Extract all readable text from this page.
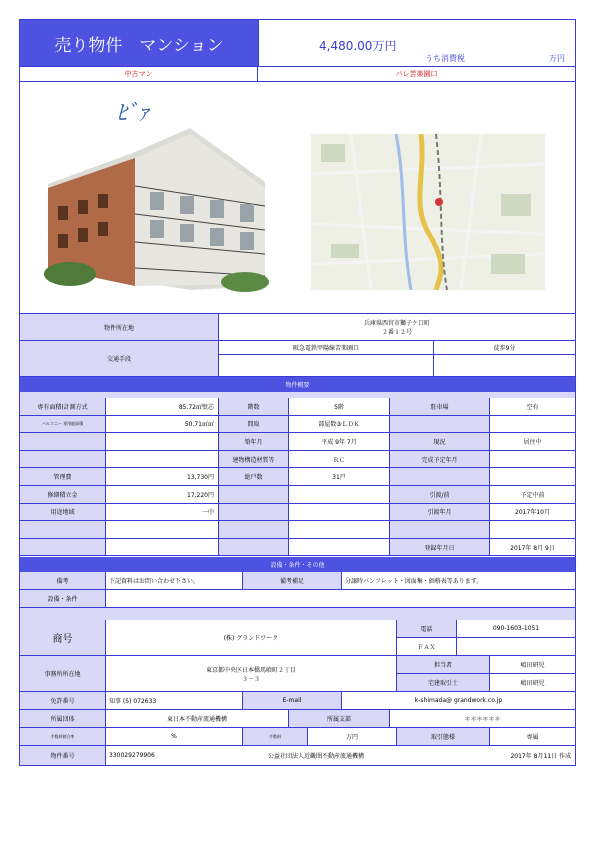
売り物件　マンション	4,480.00万円
うち消費税	万円
中古マン	パレ苦楽園口
ﾋﾞｧ
物件所在地
兵庫県西宮市獅子ケ口町
２番１２号
交通手段
阪急電鉄甲陽線苦楽園口	徒歩9分
物件概要
設備・条件・その他
備考	下記資料はお問い合わせ下さい。	備考補足	分譲時パンフレット・図面集・価格表等あります。
設備・条件
商号	(株) グランドワーク
電話	090-1603-1051
ＦＡＸ
事務所所在地
東京都中央区日本橋馬喰町２丁目
３－３
担当者	嶋田研児
宅建取引士	嶋田研児
免許番号	知事 (5) 072633	E-mail	k-shimada@ grandwork.co.jp
所属団体	東日本不動産流通機構	所属支部	＊＊＊＊＊＊
手数料割合率	%	手数料	万円	取引態様	専属
物件番号	330029279906	公益社団法人近畿圏不動産流通機構	2017年 8月11日 作成
専有面積(計測方式	85.72㎡壁芯	階数	5階	駐車場	空有
バルコニー 専用庭面積	50.71㎡㎡	間取	部屋数③ＬＤＫ
築年月	平成 9年 7月	現況	居住中
建物構造材質等	ＲＣ	完成予定年月
管理費	13,730円	総戸数	31戸
修繕積立金	17,220円	引渡/前	予定中前
用途地域	一中	引渡年月	2017年10月
登録年月日	2017年 8月 9日
